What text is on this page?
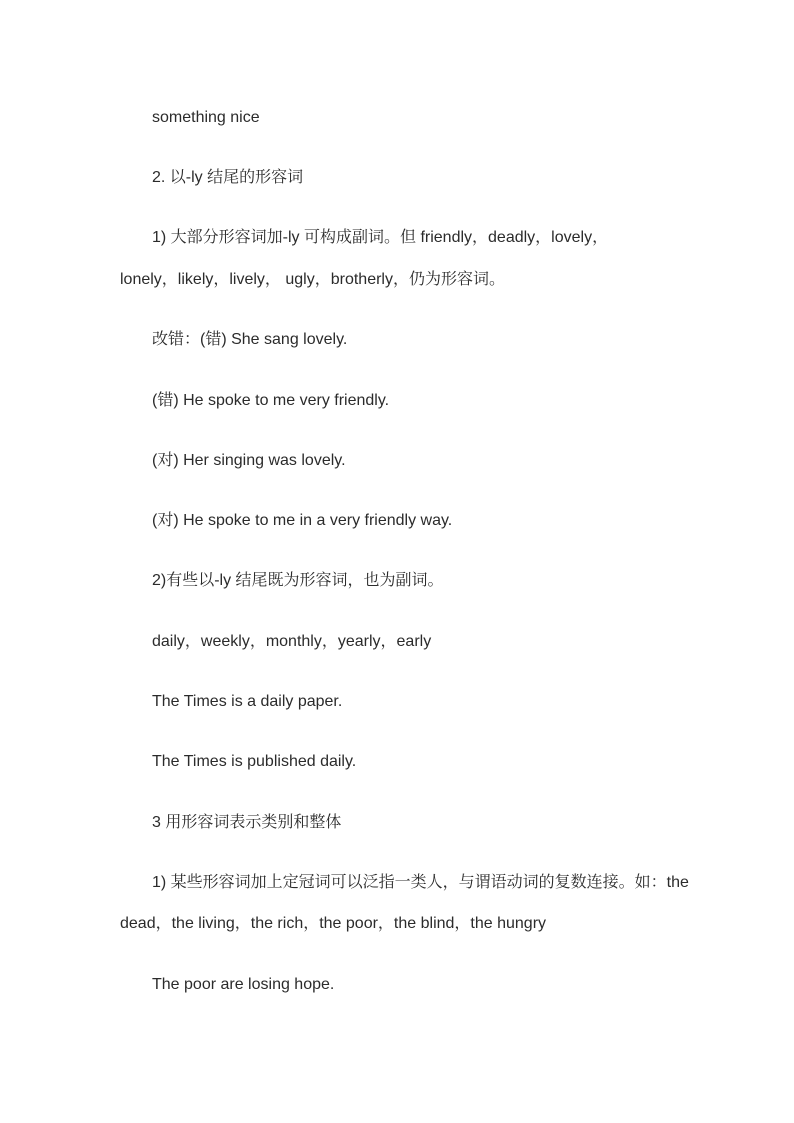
something nice
2. 以-ly 结尾的形容词
1) 大部分形容词加-ly 可构成副词。但 friendly，deadly，lovely，
lonely，likely，lively， ugly，brotherly，仍为形容词。
改错：(错) She sang lovely.
(错) He spoke to me very friendly.
(对) Her singing was lovely.
(对) He spoke to me in a very friendly way.
2)有些以-ly 结尾既为形容词，也为副词。
daily，weekly，monthly，yearly，early
The Times is a daily paper.
The Times is published daily.
3 用形容词表示类别和整体
1) 某些形容词加上定冠词可以泛指一类人，与谓语动词的复数连接。如：the
dead，the living，the rich，the poor，the blind，the hungry
The poor are losing hope.
